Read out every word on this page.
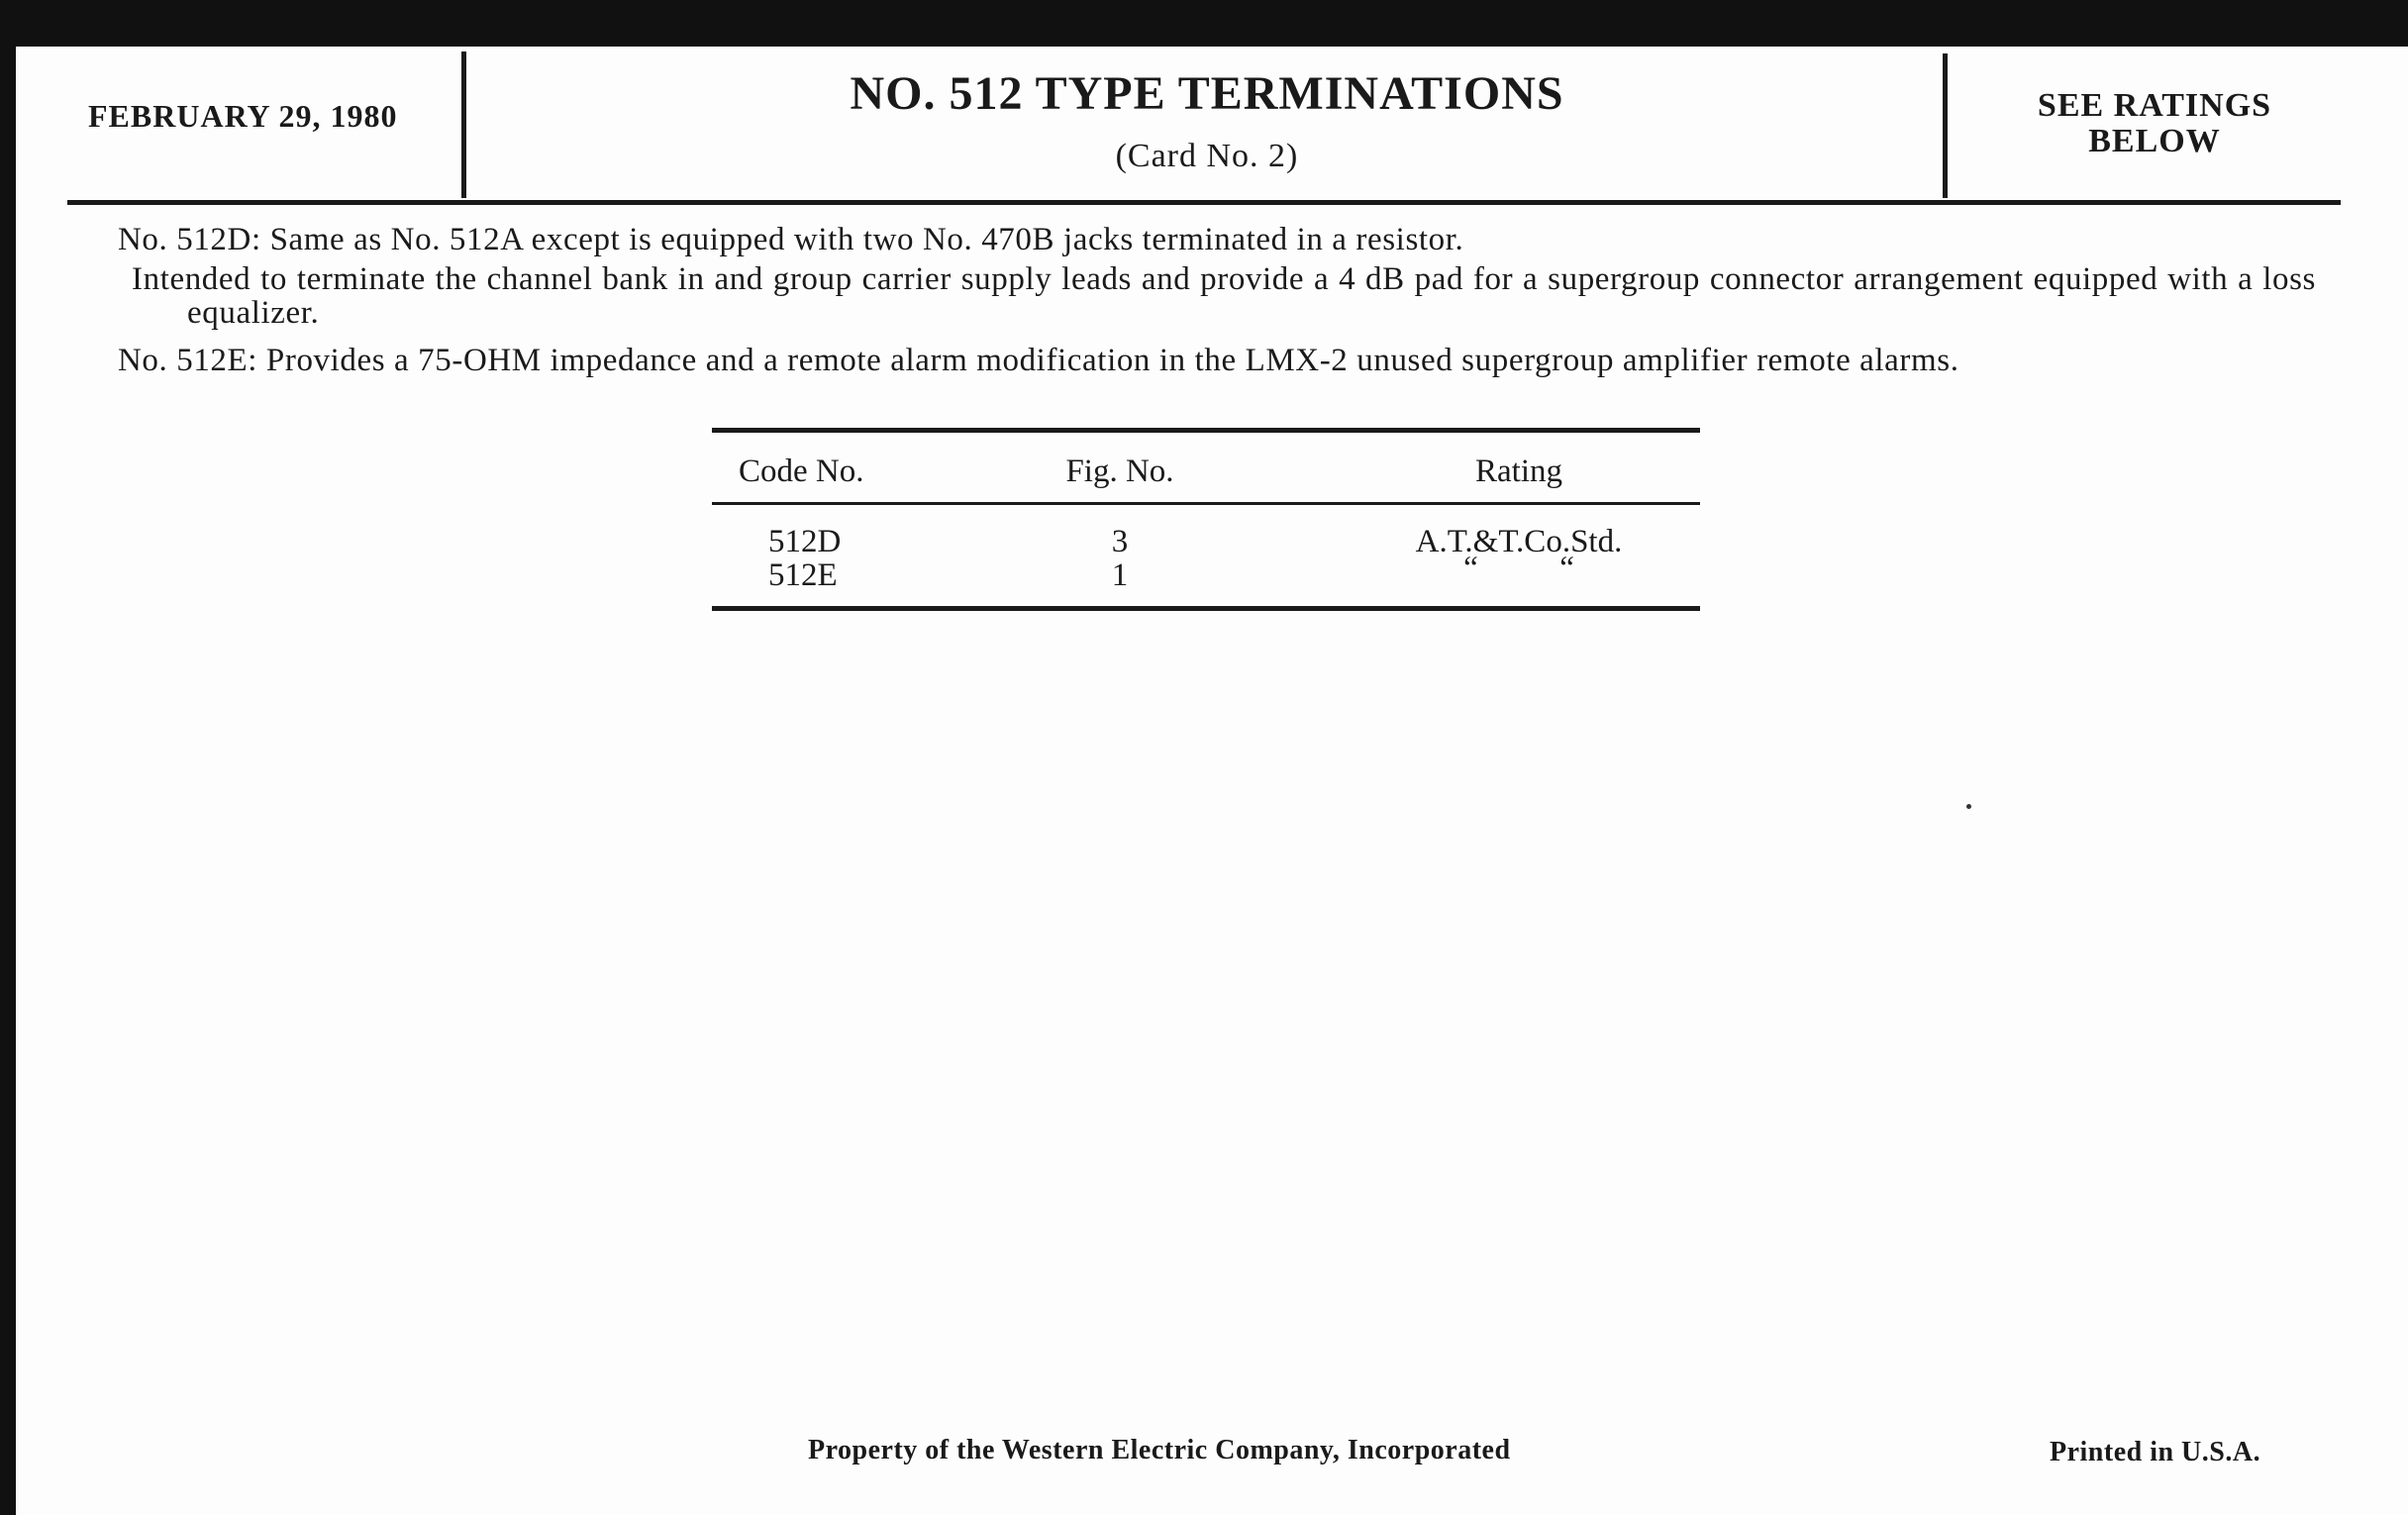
FEBRUARY 29, 1980	NO. 512 TYPE TERMINATIONS
(Card No. 2)
SEE RATINGS
BELOW

No. 512D: Same as No. 512A except is equipped with two No. 470B jacks terminated in a resistor.

Intended to terminate the channel bank in and group carrier supply leads and provide a 4 dB pad for a supergroup connector arrangement equipped with a loss equalizer.

No. 512E: Provides a 75-OHM impedance and a remote alarm modification in the LMX-2 unused supergroup amplifier remote alarms.

Code No.	Fig. No.	Rating
512D	3	A.T.&T.Co.Std.
512E	1	“          “
Property of the Western Electric Company, Incorporated	Printed in U.S.A.
